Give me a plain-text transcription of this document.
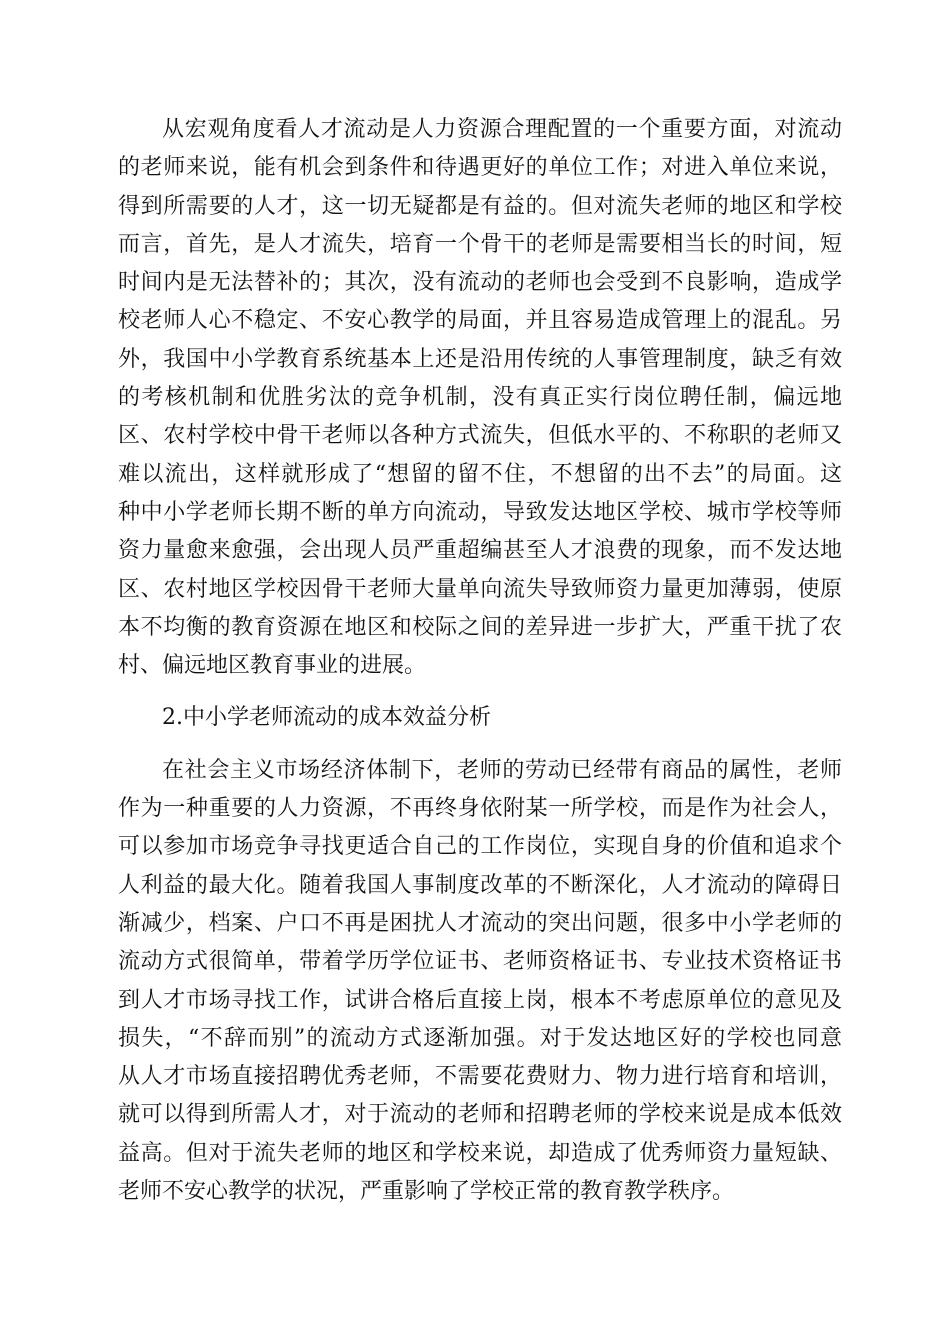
从宏观角度看人才流动是人力资源合理配置的一个重要方面，对流动
的老师来说，能有机会到条件和待遇更好的单位工作；对进入单位来说，
得到所需要的人才，这一切无疑都是有益的。但对流失老师的地区和学校
而言，首先，是人才流失，培育一个骨干的老师是需要相当长的时间，短
时间内是无法替补的；其次，没有流动的老师也会受到不良影响，造成学
校老师人心不稳定、不安心教学的局面，并且容易造成管理上的混乱。另
外，我国中小学教育系统基本上还是沿用传统的人事管理制度，缺乏有效
的考核机制和优胜劣汰的竞争机制，没有真正实行岗位聘任制，偏远地
区、农村学校中骨干老师以各种方式流失，但低水平的、不称职的老师又
难以流出，这样就形成了“想留的留不住，不想留的出不去”的局面。这
种中小学老师长期不断的单方向流动，导致发达地区学校、城市学校等师
资力量愈来愈强，会出现人员严重超编甚至人才浪费的现象，而不发达地
区、农村地区学校因骨干老师大量单向流失导致师资力量更加薄弱，使原
本不均衡的教育资源在地区和校际之间的差异进一步扩大，严重干扰了农
村、偏远地区教育事业的进展。
2.中小学老师流动的成本效益分析
在社会主义市场经济体制下，老师的劳动已经带有商品的属性，老师
作为一种重要的人力资源，不再终身依附某一所学校，而是作为社会人，
可以参加市场竞争寻找更适合自己的工作岗位，实现自身的价值和追求个
人利益的最大化。随着我国人事制度改革的不断深化，人才流动的障碍日
渐减少，档案、户口不再是困扰人才流动的突出问题，很多中小学老师的
流动方式很简单，带着学历学位证书、老师资格证书、专业技术资格证书
到人才市场寻找工作，试讲合格后直接上岗，根本不考虑原单位的意见及
损失，“不辞而别”的流动方式逐渐加强。对于发达地区好的学校也同意
从人才市场直接招聘优秀老师，不需要花费财力、物力进行培育和培训，
就可以得到所需人才，对于流动的老师和招聘老师的学校来说是成本低效
益高。但对于流失老师的地区和学校来说，却造成了优秀师资力量短缺、
老师不安心教学的状况，严重影响了学校正常的教育教学秩序。
